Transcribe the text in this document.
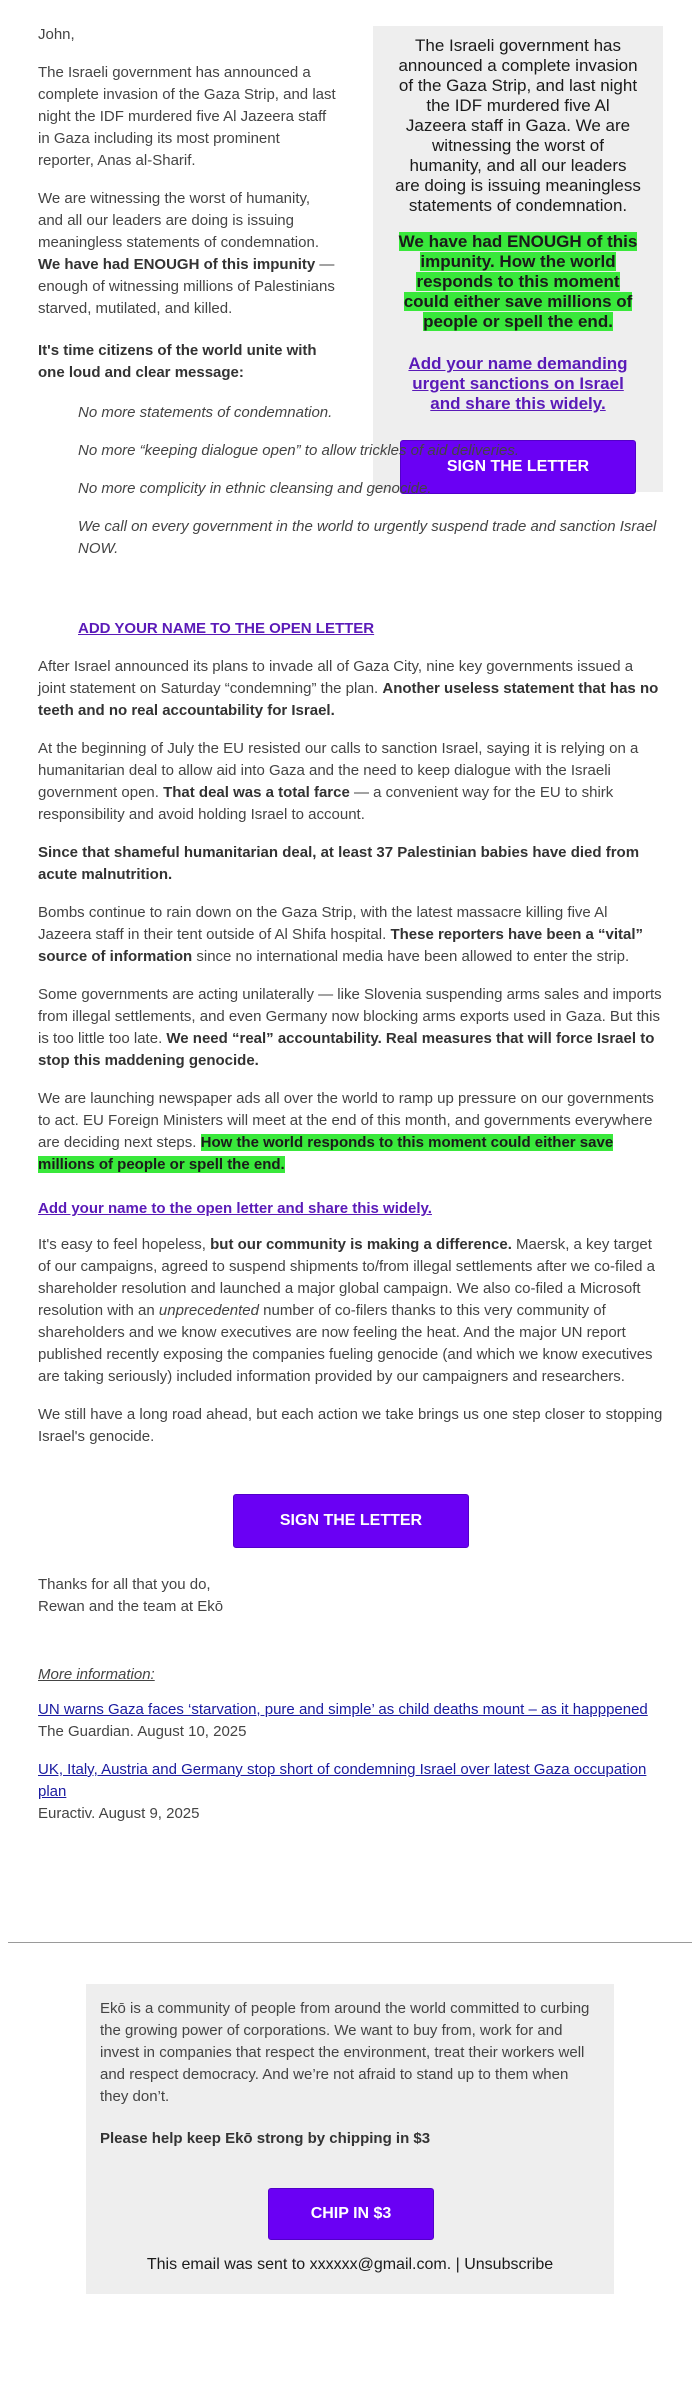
John,

The Israeli government has announced a complete invasion of the Gaza Strip, and last night the IDF murdered five Al Jazeera staff in Gaza including its most prominent reporter, Anas al-Sharif.

We are witnessing the worst of humanity, and all our leaders are doing is issuing meaningless statements of condemnation. We have had ENOUGH of this impunity — enough of witnessing millions of Palestinians starved, mutilated, and killed.

The Israeli government has announced a complete invasion of the Gaza Strip, and last night the IDF murdered five Al Jazeera staff in Gaza. We are witnessing the worst of humanity, and all our leaders are doing is issuing meaningless statements of condemnation.

We have had ENOUGH of this impunity. How the world responds to this moment could either save millions of people or spell the end.

Add your name demanding urgent sanctions on Israel and share this widely.
SIGN THE LETTER

It's time citizens of the world unite with one loud and clear message:

No more statements of condemnation.

No more “keeping dialogue open” to allow trickles of aid deliveries.

No more complicity in ethnic cleansing and genocide.

We call on every government in the world to urgently suspend trade and sanction Israel NOW.

ADD YOUR NAME TO THE OPEN LETTER

After Israel announced its plans to invade all of Gaza City, nine key governments issued a joint statement on Saturday “condemning” the plan. Another useless statement that has no teeth and no real accountability for Israel.

At the beginning of July the EU resisted our calls to sanction Israel, saying it is relying on a humanitarian deal to allow aid into Gaza and the need to keep dialogue with the Israeli government open. That deal was a total farce — a convenient way for the EU to shirk responsibility and avoid holding Israel to account.

Since that shameful humanitarian deal, at least 37 Palestinian babies have died from acute malnutrition.

Bombs continue to rain down on the Gaza Strip, with the latest massacre killing five Al Jazeera staff in their tent outside of Al Shifa hospital. These reporters have been a “vital” source of information since no international media have been allowed to enter the strip.

Some governments are acting unilaterally — like Slovenia suspending arms sales and imports from illegal settlements, and even Germany now blocking arms exports used in Gaza. But this is too little too late. We need “real” accountability. Real measures that will force Israel to stop this maddening genocide.

We are launching newspaper ads all over the world to ramp up pressure on our governments to act. EU Foreign Ministers will meet at the end of this month, and governments everywhere are deciding next steps. How the world responds to this moment could either save millions of people or spell the end.

Add your name to the open letter and share this widely.

It's easy to feel hopeless, but our community is making a difference. Maersk, a key target of our campaigns, agreed to suspend shipments to/from illegal settlements after we co-filed a shareholder resolution and launched a major global campaign. We also co-filed a Microsoft resolution with an unprecedented number of co-filers thanks to this very community of shareholders and we know executives are now feeling the heat. And the major UN report published recently exposing the companies fueling genocide (and which we know executives are taking seriously) included information provided by our campaigners and researchers.

We still have a long road ahead, but each action we take brings us one step closer to stopping Israel's genocide.

SIGN THE LETTER

Thanks for all that you do,

Rewan and the team at Ekō

More information:

UN warns Gaza faces ‘starvation, pure and simple’ as child deaths mount – as it happpened

The Guardian. August 10, 2025

UK, Italy, Austria and Germany stop short of condemning Israel over latest Gaza occupation plan

Euractiv. August 9, 2025

Ekō is a community of people from around the world committed to curbing the growing power of corporations. We want to buy from, work for and invest in companies that respect the environment, treat their workers well and respect democracy. And we’re not afraid to stand up to them when they don’t.

Please help keep Ekō strong by chipping in $3

CHIP IN $3

This email was sent to xxxxxx@gmail.com. | Unsubscribe
